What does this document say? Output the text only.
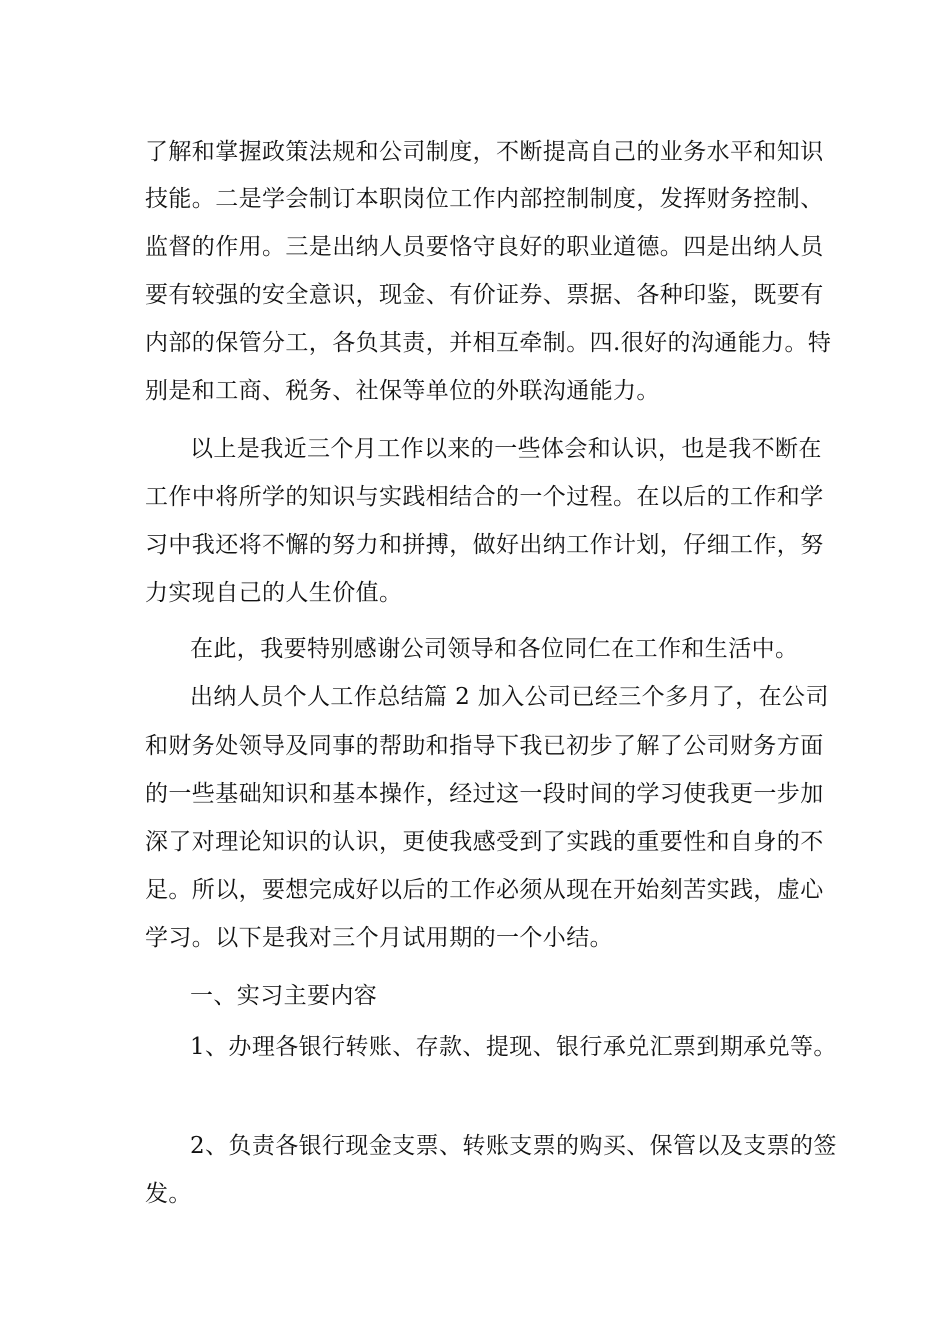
了解和掌握政策法规和公司制度，不断提高自己的业务水平和知识
技能。二是学会制订本职岗位工作内部控制制度，发挥财务控制、
监督的作用。三是出纳人员要恪守良好的职业道德。四是出纳人员
要有较强的安全意识，现金、有价证券、票据、各种印鉴，既要有
内部的保管分工，各负其责，并相互牵制。四.很好的沟通能力。特
别是和工商、税务、社保等单位的外联沟通能力。
以上是我近三个月工作以来的一些体会和认识，也是我不断在
工作中将所学的知识与实践相结合的一个过程。在以后的工作和学
习中我还将不懈的努力和拼搏，做好出纳工作计划，仔细工作，努
力实现自己的人生价值。
在此，我要特别感谢公司领导和各位同仁在工作和生活中。
出纳人员个人工作总结篇 2 加入公司已经三个多月了，在公司
和财务处领导及同事的帮助和指导下我已初步了解了公司财务方面
的一些基础知识和基本操作，经过这一段时间的学习使我更一步加
深了对理论知识的认识，更使我感受到了实践的重要性和自身的不
足。所以，要想完成好以后的工作必须从现在开始刻苦实践，虚心
学习。以下是我对三个月试用期的一个小结。
一、实习主要内容
1、办理各银行转账、存款、提现、银行承兑汇票到期承兑等。
2、负责各银行现金支票、转账支票的购买、保管以及支票的签
发。
